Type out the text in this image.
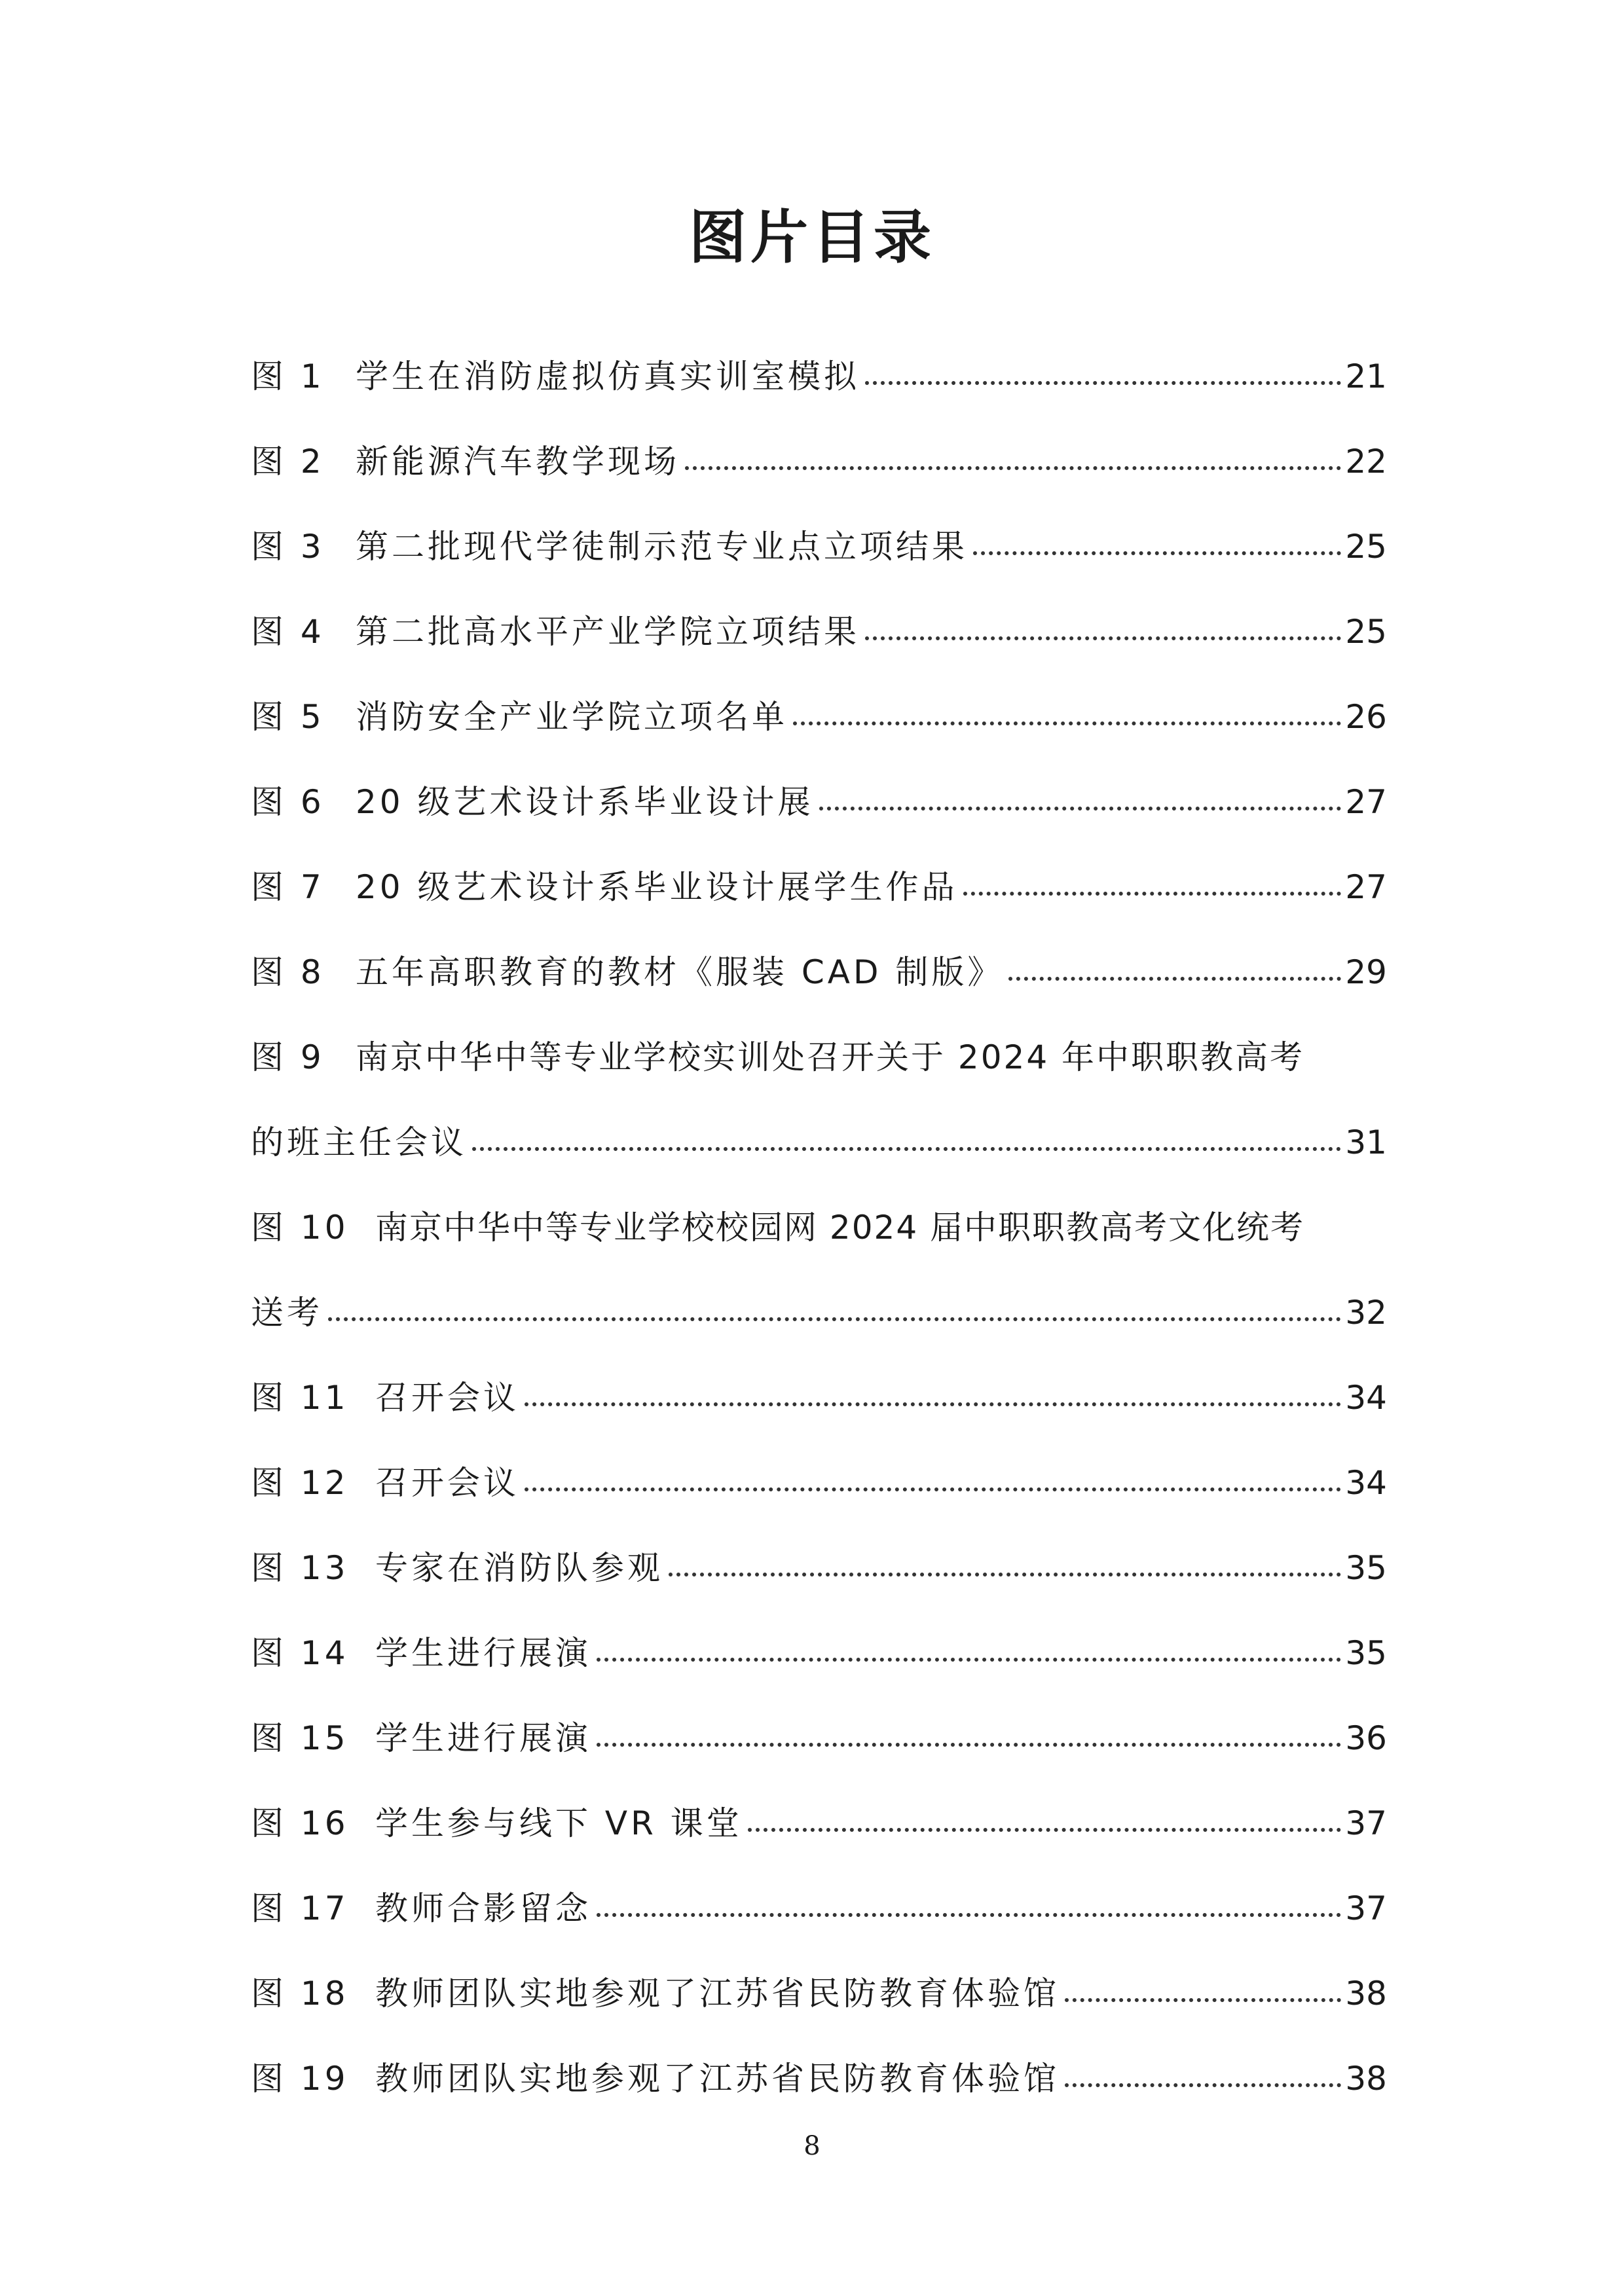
图片目录
图 1 学生在消防虚拟仿真实训室模拟	21
图 2 新能源汽车教学现场	22
图 3 第二批现代学徒制示范专业点立项结果	25
图 4 第二批高水平产业学院立项结果	25
图 5 消防安全产业学院立项名单	26
图 6 20 级艺术设计系毕业设计展	27
图 7 20 级艺术设计系毕业设计展学生作品	27
图 8 五年高职教育的教材《服装 CAD 制版》	29
图 9 南京中华中等专业学校实训处召开关于 2024 年中职职教高考
的班主任会议	31
图 10 南京中华中等专业学校校园网 2024 届中职职教高考文化统考
送考	32
图 11 召开会议	34
图 12 召开会议	34
图 13 专家在消防队参观	35
图 14 学生进行展演	35
图 15 学生进行展演	36
图 16 学生参与线下 VR 课堂	37
图 17 教师合影留念	37
图 18 教师团队实地参观了江苏省民防教育体验馆	38
图 19 教师团队实地参观了江苏省民防教育体验馆	38
8
